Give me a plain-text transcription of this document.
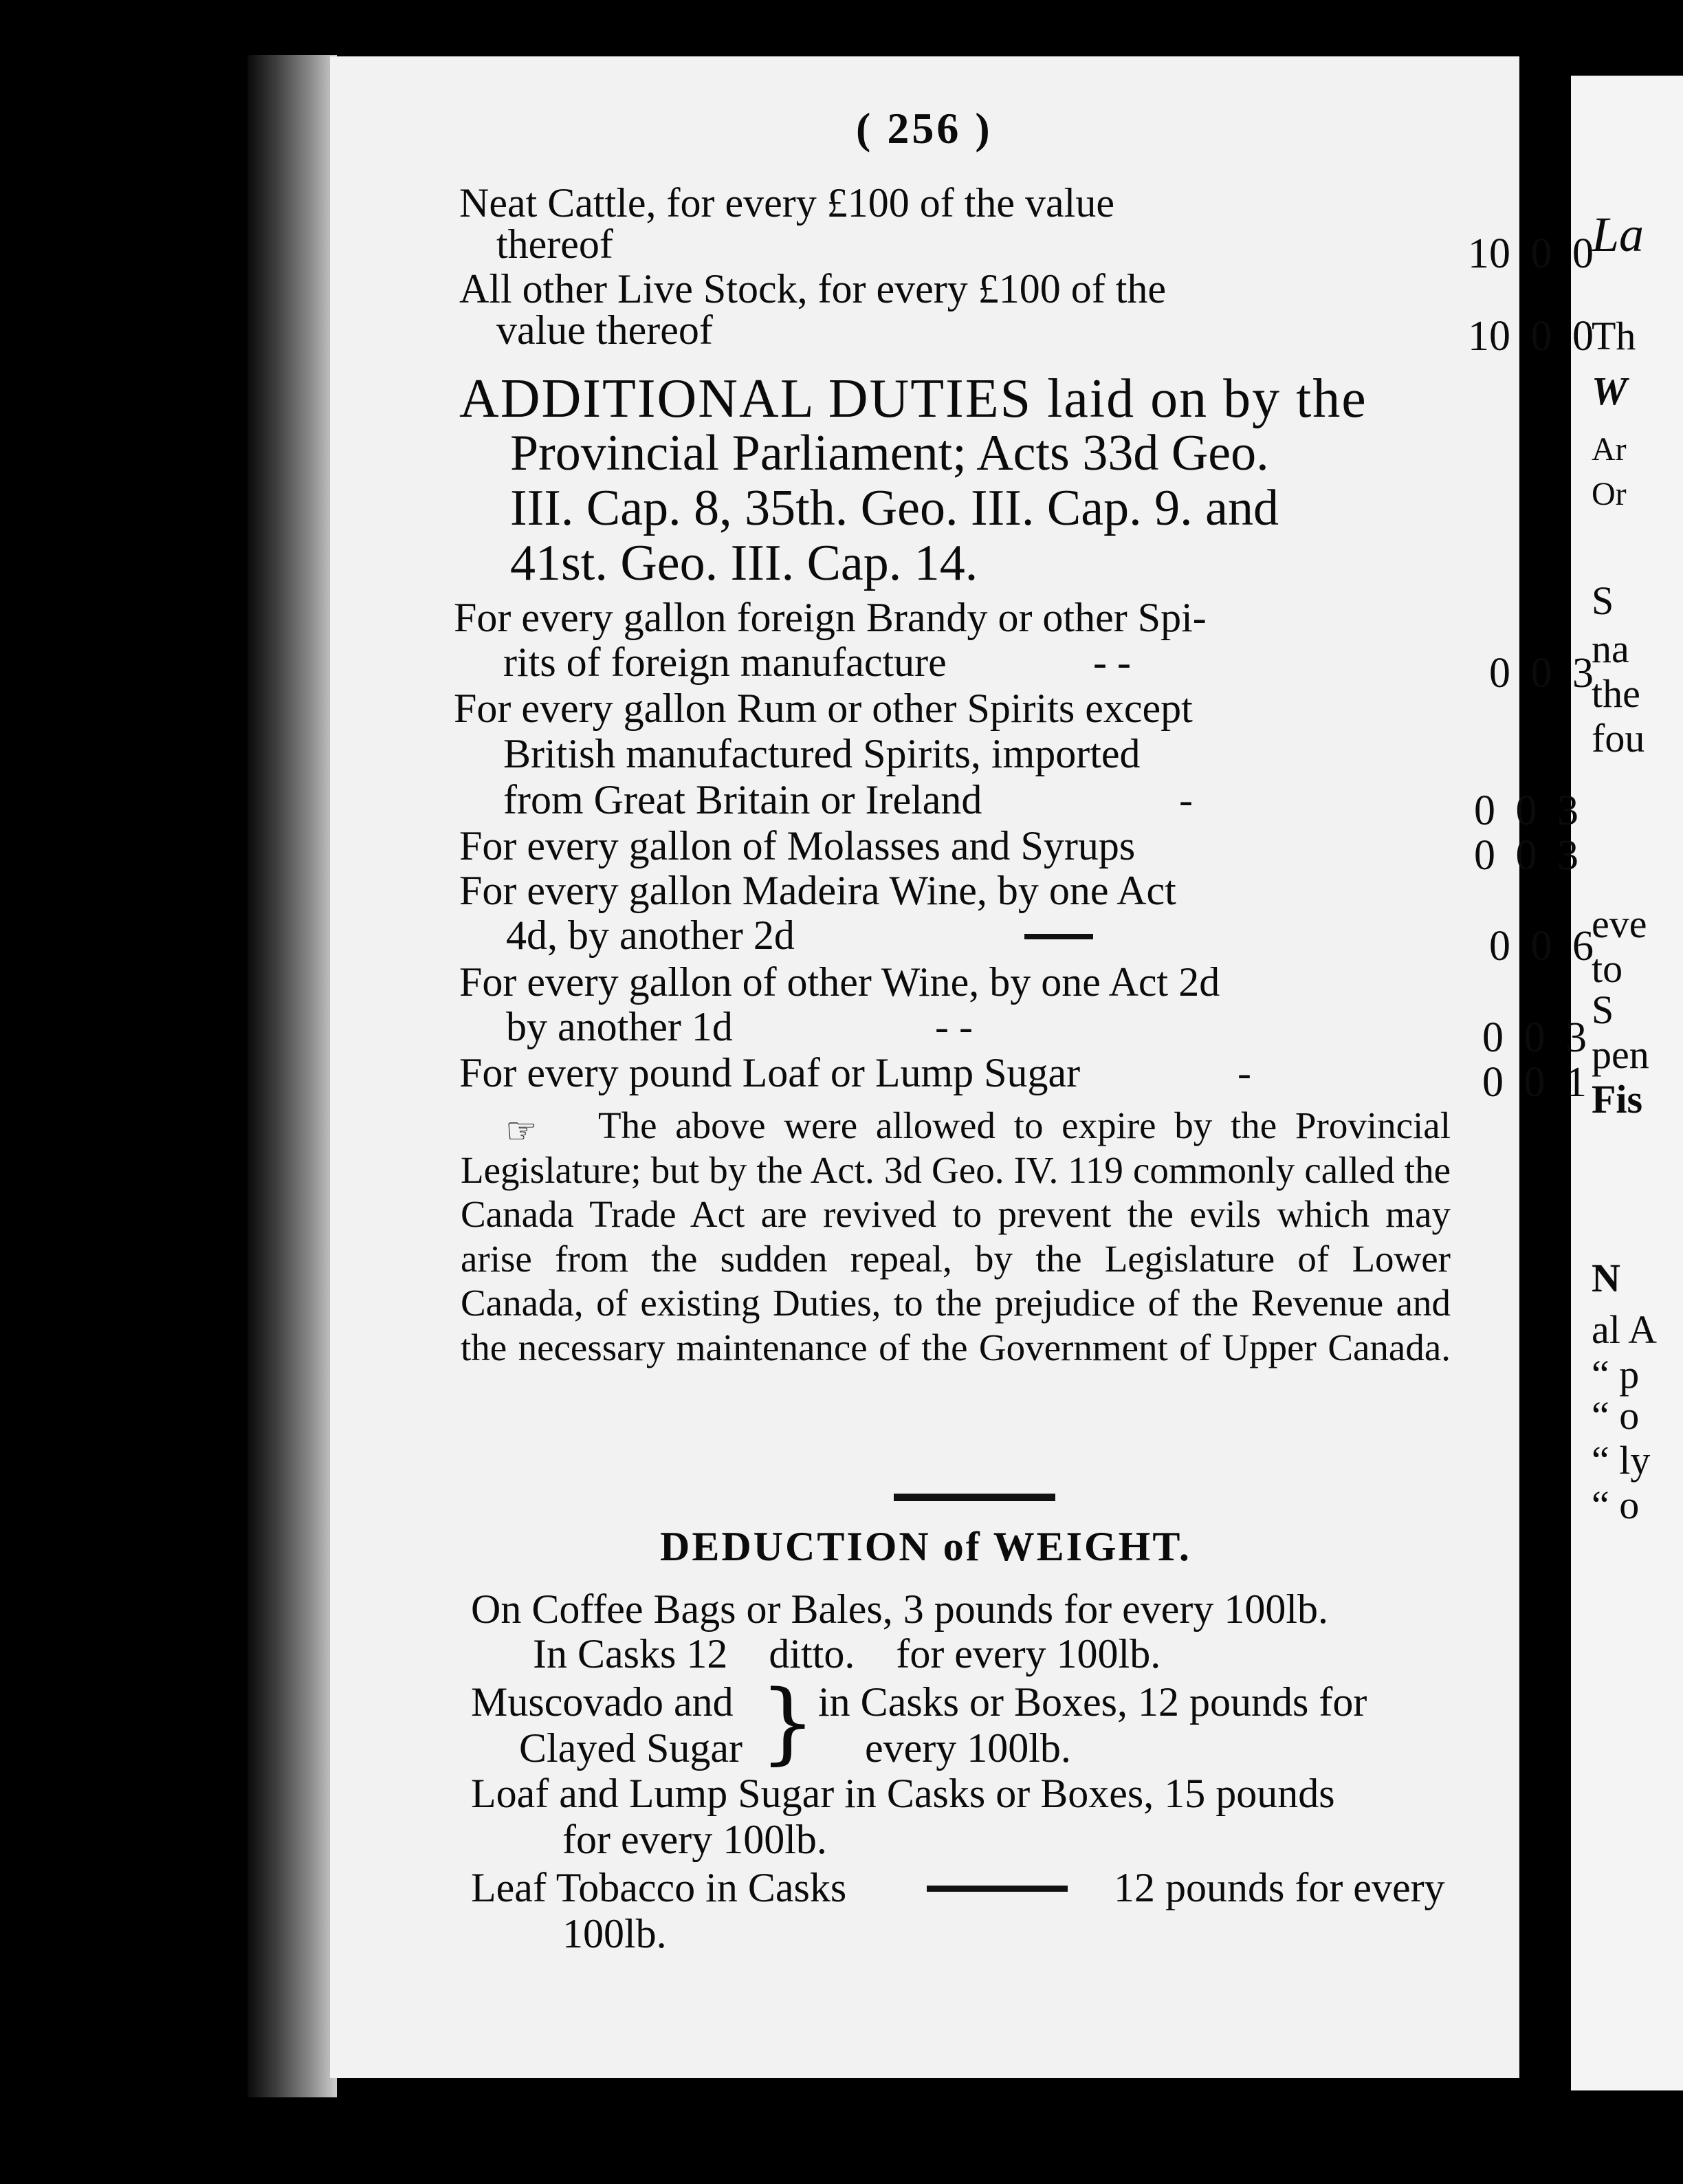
La
Th
W
Ar
Or
S
na
the
fou
eve
to
S
pen
Fis
N
al A
“ p
“ o
“ ly
“ o
( 256 )
Neat Cattle, for every £100 of the value
thereof	10 0 0
All other Live Stock, for every £100 of the
value thereof	10 0 0
ADDITIONAL DUTIES laid on by the
Provincial Parliament; Acts 33d Geo.
III. Cap. 8, 35th. Geo. III. Cap. 9. and
41st. Geo. III. Cap. 14.
For every gallon foreign Brandy or other Spi-
rits of foreign manufacture	- -	0 0 3
For every gallon Rum or other Spirits except
British manufactured Spirits, imported
from Great Britain or Ireland	-	0 0 3
For every gallon of Molasses and Syrups	0 0 3
For every gallon Madeira Wine, by one Act
4d, by another 2d	0 0 6
For every gallon of other Wine, by one Act 2d
by another 1d	- -	0 0 3
For every pound Loaf or Lump Sugar	-	0 0 1
☞	The above were allowed to expire by the Provincial Legislature; but by the Act. 3d Geo. IV. 119 commonly called the Canada Trade Act are revived to prevent the evils which may arise from the sudden repeal, by the Legislature of Lower Canada, of existing Duties, to the prejudice of the Revenue and the necessary maintenance of the Government of Upper Canada.
DEDUCTION of WEIGHT.
On Coffee Bags or Bales, 3 pounds for every 100lb.
In Casks 12    ditto.    for every 100lb.
Muscovado and
Clayed Sugar } in Casks or Boxes, 12 pounds for
every 100lb.
Loaf and Lump Sugar in Casks or Boxes, 15 pounds
for every 100lb.
Leaf Tobacco in Casks	12 pounds for every
100lb.
